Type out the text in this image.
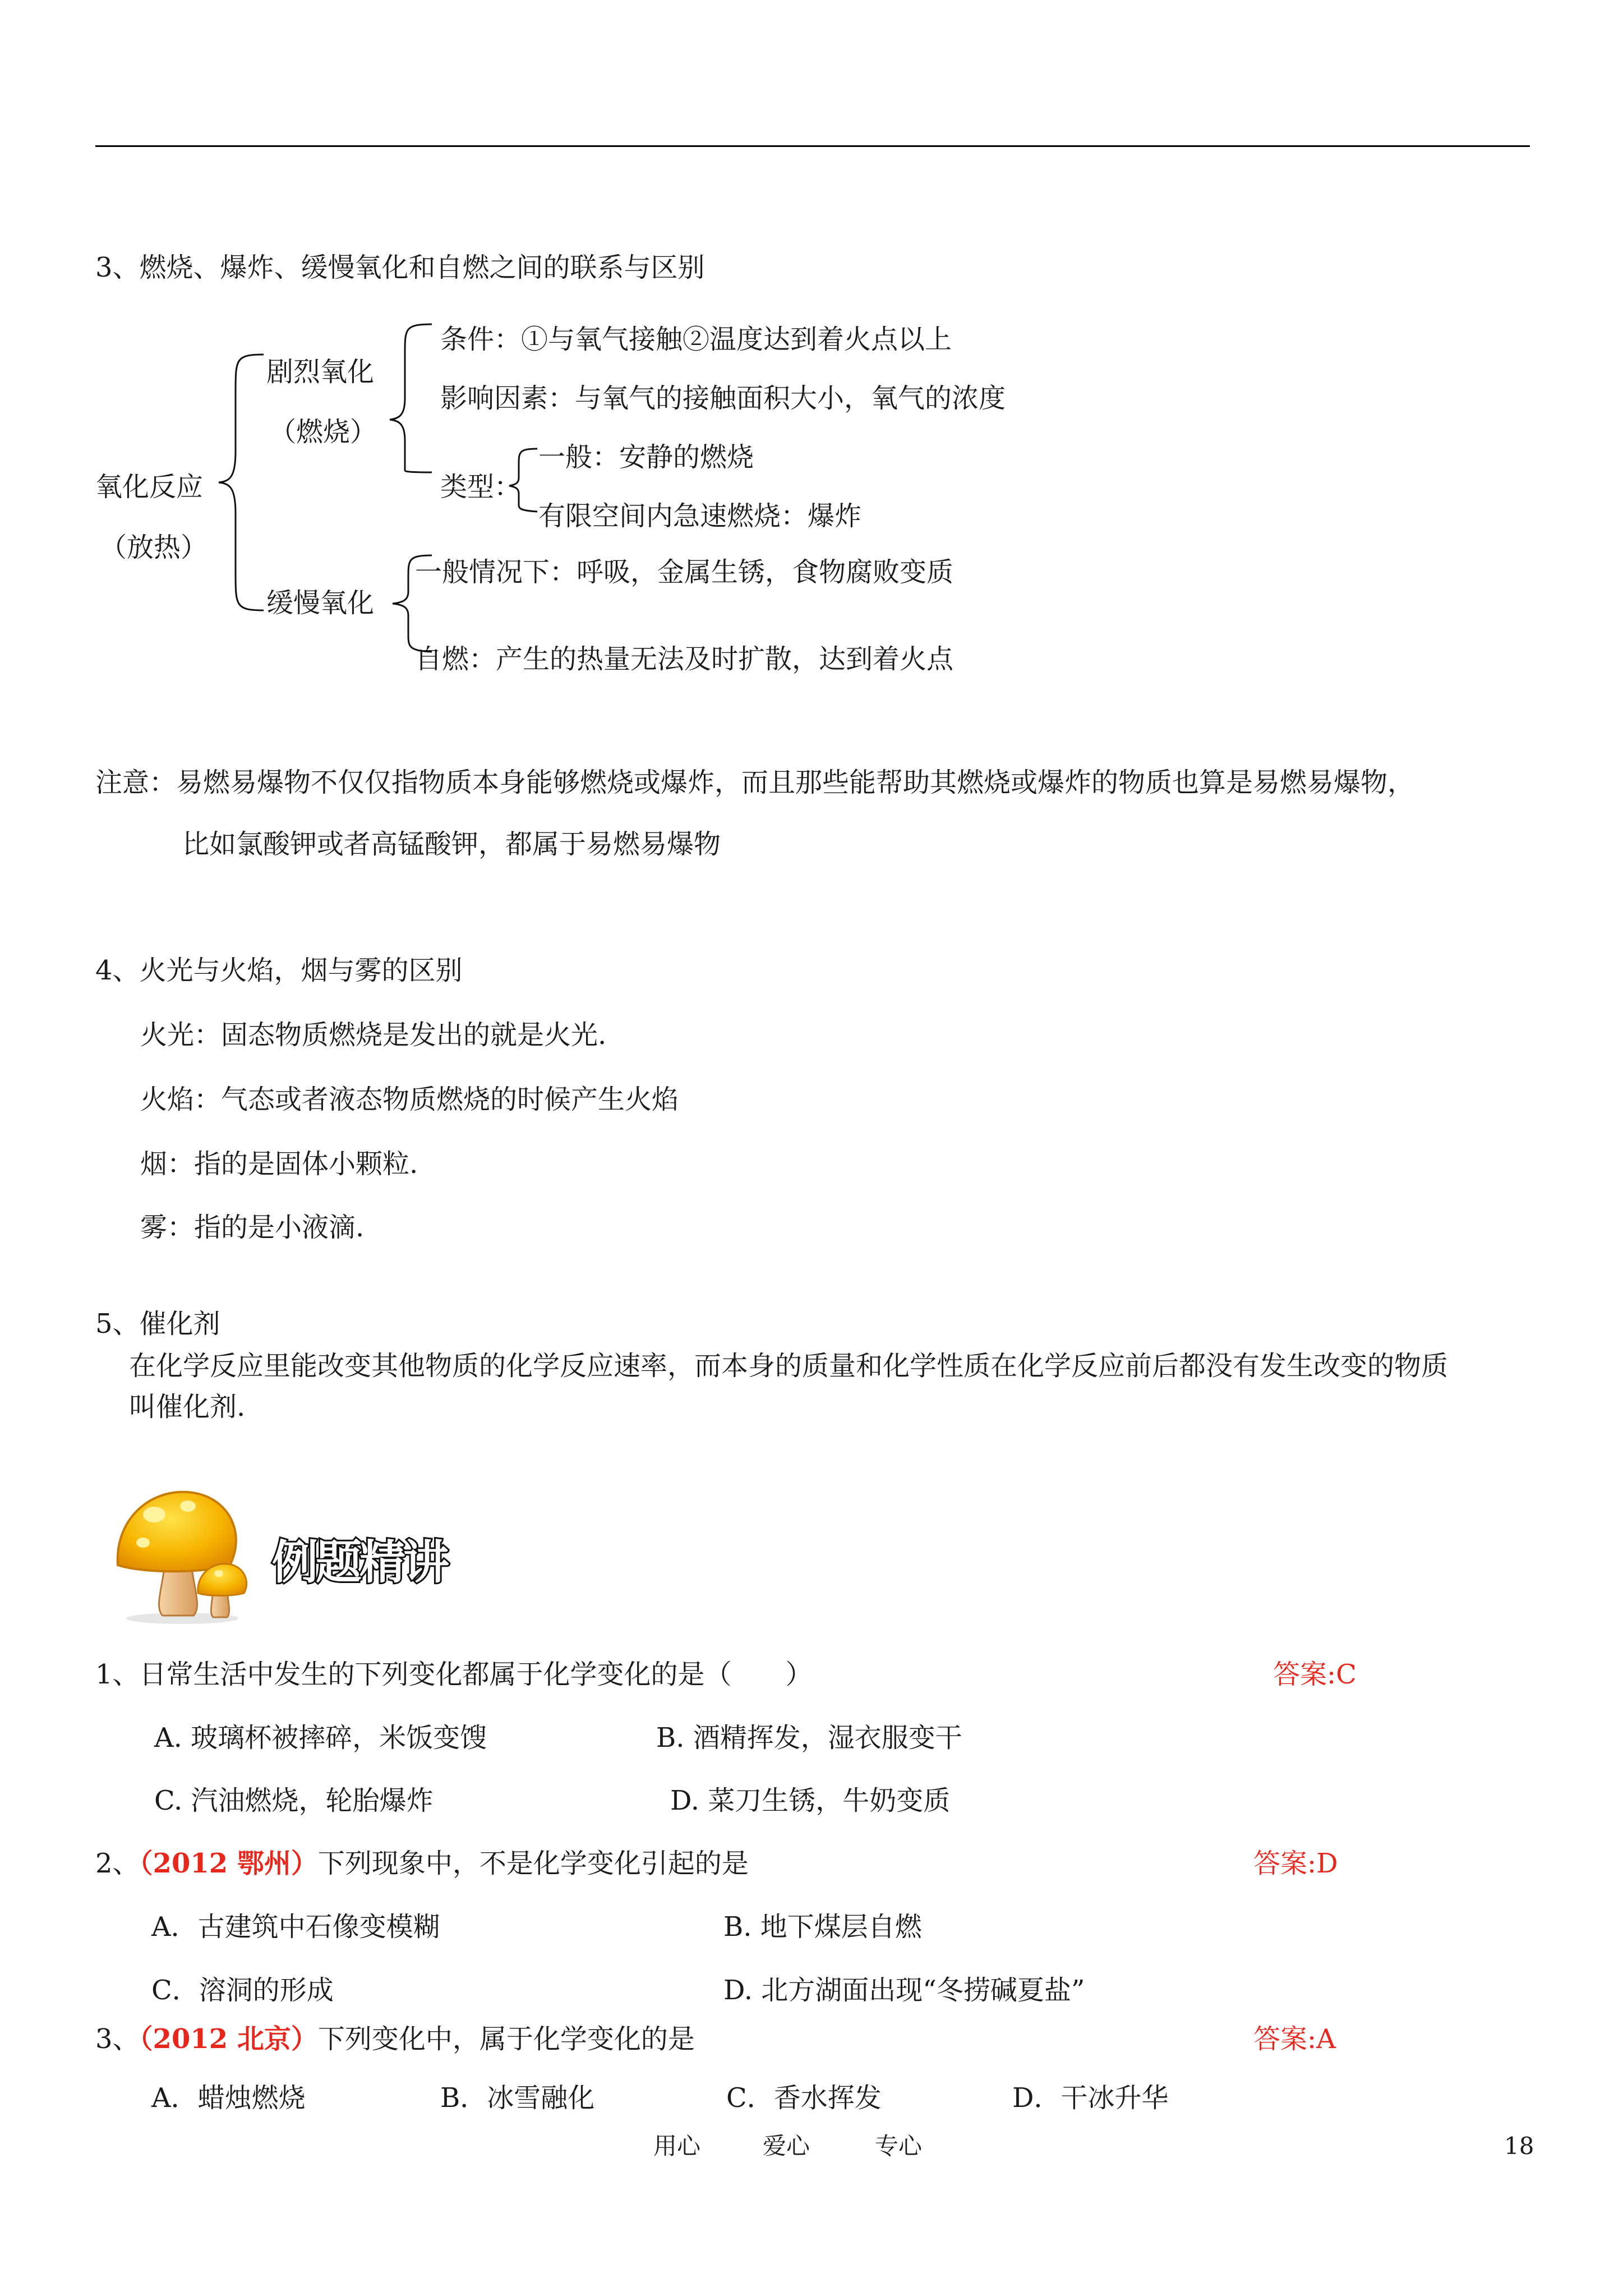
3、燃烧、爆炸、缓慢氧化和自燃之间的联系与区别
氧化反应
（放热）
剧烈氧化
（燃烧）
条件：①与氧气接触②温度达到着火点以上
影响因素：与氧气的接触面积大小，氧气的浓度
类型：
一般：安静的燃烧
有限空间内急速燃烧：爆炸
缓慢氧化
一般情况下：呼吸，金属生锈，食物腐败变质
自燃：产生的热量无法及时扩散，达到着火点
注意：易燃易爆物不仅仅指物质本身能够燃烧或爆炸，而且那些能帮助其燃烧或爆炸的物质也算是易燃易爆物，
比如氯酸钾或者高锰酸钾，都属于易燃易爆物
4、火光与火焰，烟与雾的区别
火光：固态物质燃烧是发出的就是火光.
火焰：气态或者液态物质燃烧的时候产生火焰
烟：指的是固体小颗粒.
雾：指的是小液滴.
5、催化剂
在化学反应里能改变其他物质的化学反应速率，而本身的质量和化学性质在化学反应前后都没有发生改变的物质
叫催化剂.
例题精讲
1、日常生活中发生的下列变化都属于化学变化的是（　　）	答案:C
A. 玻璃杯被摔碎，米饭变馊	B. 酒精挥发，湿衣服变干
C. 汽油燃烧，轮胎爆炸	D. 菜刀生锈，牛奶变质
2、（2012 鄂州）下列现象中，不是化学变化引起的是	答案:D
A．古建筑中石像变模糊	B. 地下煤层自燃
C．溶洞的形成	D. 北方湖面出现“冬捞碱夏盐”
3、（2012 北京）下列变化中，属于化学变化的是	答案:A
A．蜡烛燃烧	B．冰雪融化	C．香水挥发	D．干冰升华
用心	爱心	专心	18
